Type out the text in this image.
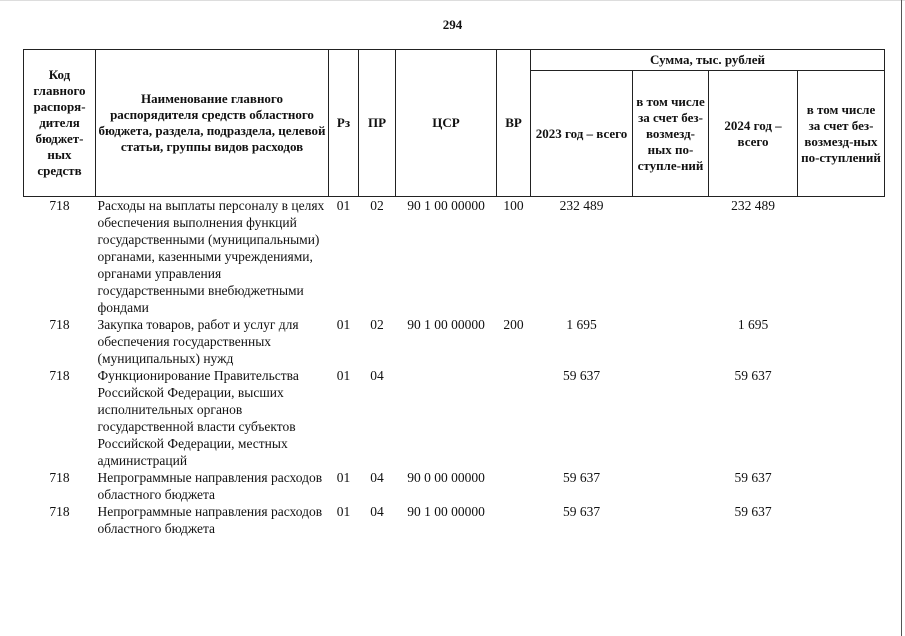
294
Код главного распоря-дителя бюджет-ных средств	Наименование главного распорядителя средств областного бюджета, раздела, подраздела, целевой статьи, группы видов расходов	Рз	ПР	ЦСР	ВР	Сумма, тыс. рублей			
						2023 год – всего	в том числе за счет без-возмезд-ных по-ступле-ний	2024 год – всего	в том числе за счет без-возмезд-ных по-ступлений
718	Расходы на выплаты персоналу в целях обеспечения выполнения функций государственными (муниципальными) органами, казенными учреждениями, органами управления государственными внебюджетными фондами	01	02	90 1 00 00000	100	232 489		232 489	
718	Закупка товаров, работ и услуг для обеспечения государственных (муниципальных) нужд	01	02	90 1 00 00000	200	1 695		1 695	
718	Функционирование Правительства Российской Федерации, высших исполнительных органов государственной власти субъектов Российской Федерации, местных администраций	01	04			59 637		59 637	
718	Непрограммные направления расходов областного бюджета	01	04	90 0 00 00000		59 637		59 637	
718	Непрограммные направления расходов областного бюджета	01	04	90 1 00 00000		59 637		59 637	
